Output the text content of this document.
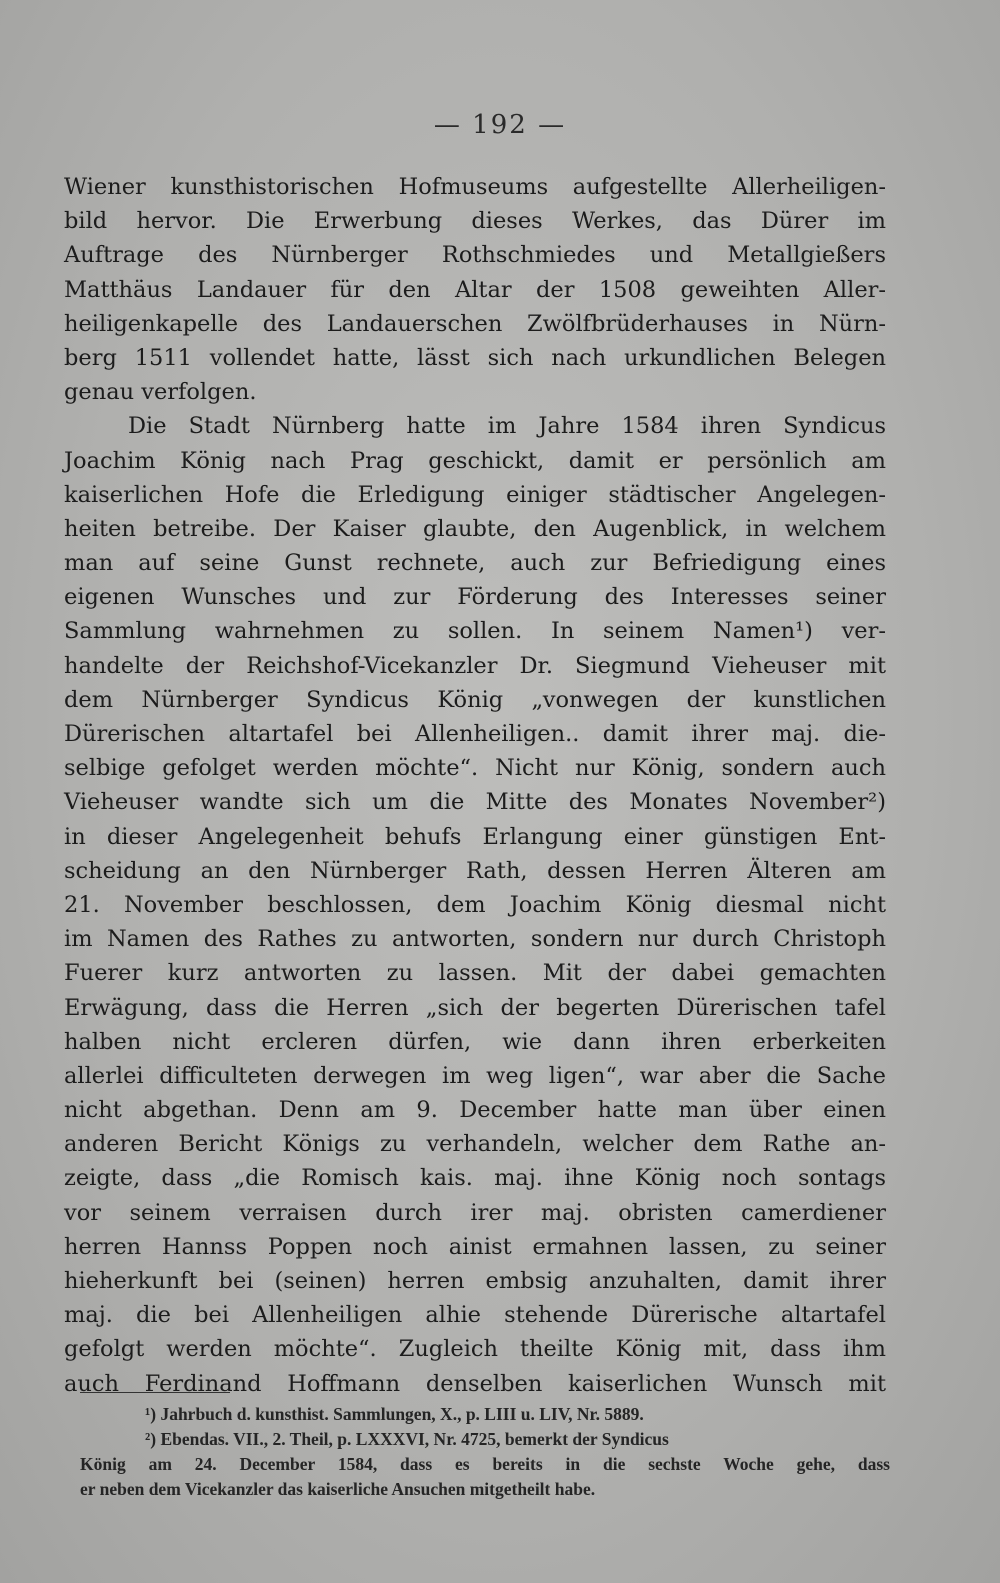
— 192 —
Wiener kunsthistorischen Hofmuseums aufgestellte Allerheiligen-
bild hervor. Die Erwerbung dieses Werkes, das Dürer im
Auftrage des Nürnberger Rothschmiedes und Metallgießers
Matthäus Landauer für den Altar der 1508 geweihten Aller-
heiligenkapelle des Landauerschen Zwölfbrüderhauses in Nürn-
berg 1511 vollendet hatte, lässt sich nach urkundlichen Belegen
genau verfolgen.
Die Stadt Nürnberg hatte im Jahre 1584 ihren Syndicus
Joachim König nach Prag geschickt, damit er persönlich am
kaiserlichen Hofe die Erledigung einiger städtischer Angelegen-
heiten betreibe. Der Kaiser glaubte, den Augenblick, in welchem
man auf seine Gunst rechnete, auch zur Befriedigung eines
eigenen Wunsches und zur Förderung des Interesses seiner
Sammlung wahrnehmen zu sollen. In seinem Namen¹) ver-
handelte der Reichshof-Vicekanzler Dr. Siegmund Vieheuser mit
dem Nürnberger Syndicus König „vonwegen der kunstlichen
Dürerischen altartafel bei Allenheiligen.. damit ihrer maj. die-
selbige gefolget werden möchte“. Nicht nur König, sondern auch
Vieheuser wandte sich um die Mitte des Monates November²)
in dieser Angelegenheit behufs Erlangung einer günstigen Ent-
scheidung an den Nürnberger Rath, dessen Herren Älteren am
21. November beschlossen, dem Joachim König diesmal nicht
im Namen des Rathes zu antworten, sondern nur durch Christoph
Fuerer kurz antworten zu lassen. Mit der dabei gemachten
Erwägung, dass die Herren „sich der begerten Dürerischen tafel
halben nicht ercleren dürfen, wie dann ihren erberkeiten
allerlei difficulteten derwegen im weg ligen“, war aber die Sache
nicht abgethan. Denn am 9. December hatte man über einen
anderen Bericht Königs zu verhandeln, welcher dem Rathe an-
zeigte, dass „die Romisch kais. maj. ihne König noch sontags
vor seinem verraisen durch irer maj. obristen camerdiener
herren Hannss Poppen noch ainist ermahnen lassen, zu seiner
hieherkunft bei (seinen) herren embsig anzuhalten, damit ihrer
maj. die bei Allenheiligen alhie stehende Dürerische altartafel
gefolgt werden möchte“. Zugleich theilte König mit, dass ihm
auch Ferdinand Hoffmann denselben kaiserlichen Wunsch mit
¹) Jahrbuch d. kunsthist. Sammlungen, X., p. LIII u. LIV, Nr. 5889.
²) Ebendas. VII., 2. Theil, p. LXXXVI, Nr. 4725, bemerkt der Syndicus
König am 24. December 1584, dass es bereits in die sechste Woche gehe, dass
er neben dem Vicekanzler das kaiserliche Ansuchen mitgetheilt habe.
